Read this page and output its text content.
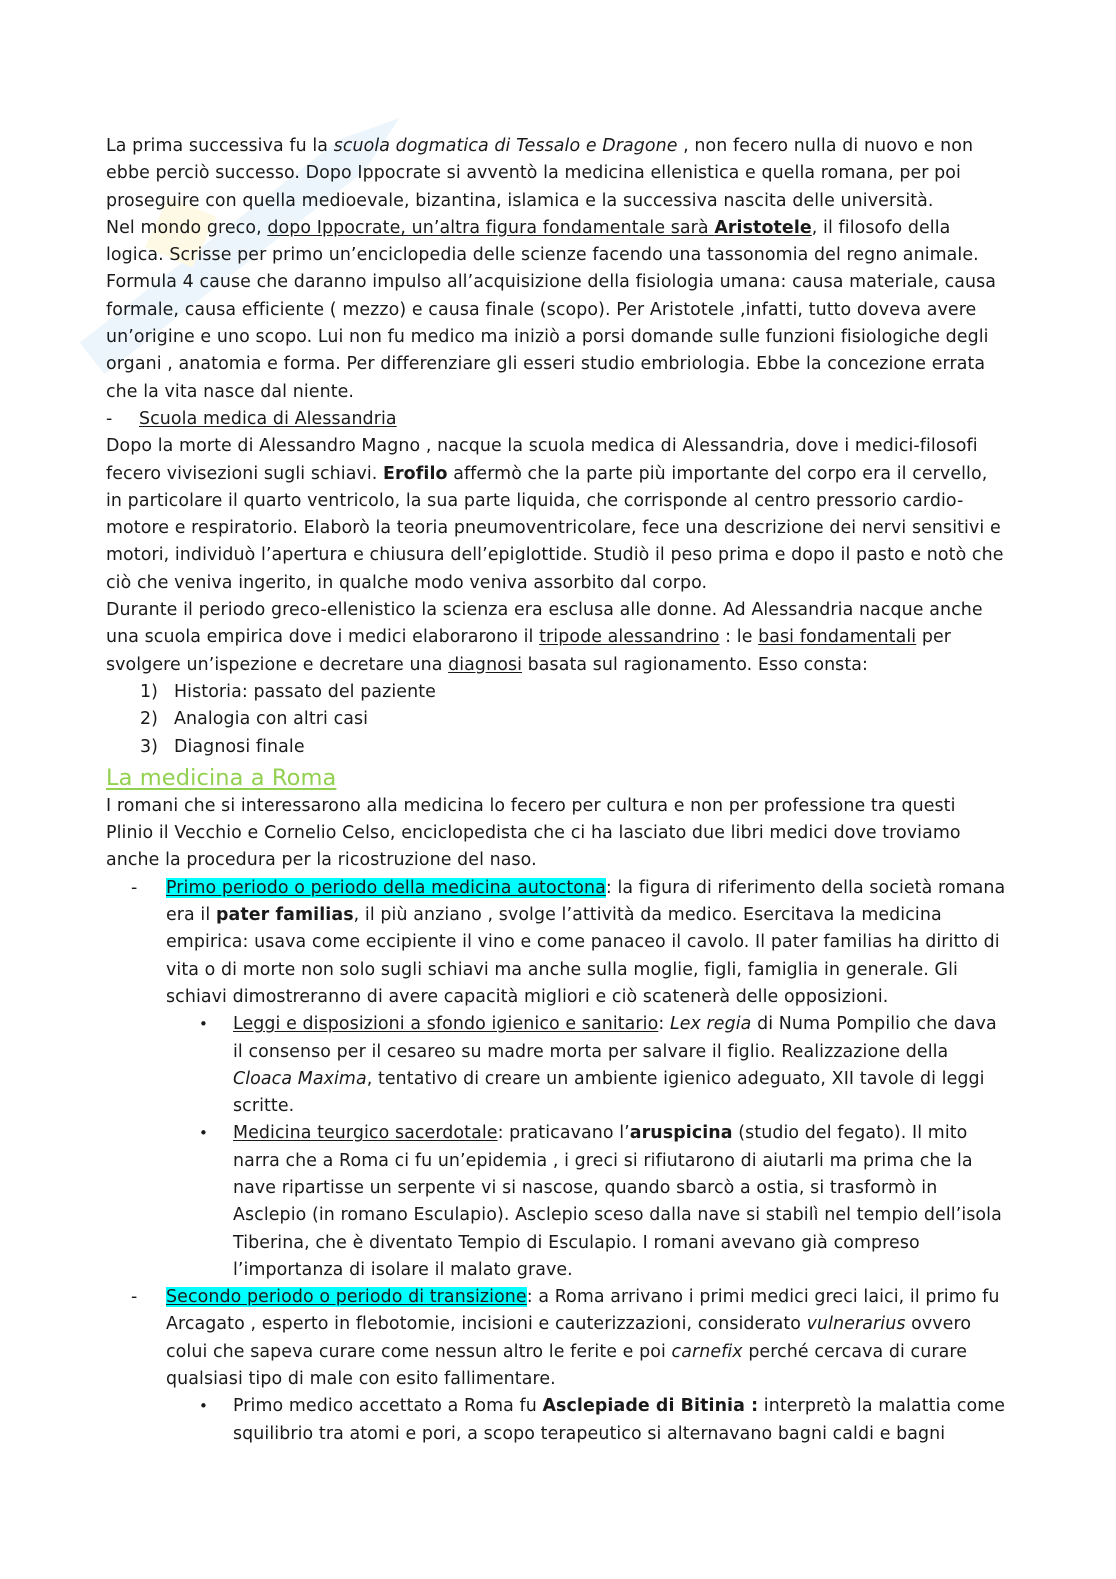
La prima successiva fu la scuola dogmatica di Tessalo e Dragone , non fecero nulla di nuovo e non ebbe perciò successo. Dopo Ippocrate si avventò la medicina ellenistica e quella romana, per poi proseguire con quella medioevale, bizantina, islamica e la successiva nascita delle università.

Nel mondo greco, dopo Ippocrate, un’altra figura fondamentale sarà Aristotele, il filosofo della logica. Scrisse per primo un’enciclopedia delle scienze facendo una tassonomia del regno animale. Formula 4 cause che daranno impulso all’acquisizione della fisiologia umana: causa materiale, causa formale, causa efficiente ( mezzo) e causa finale (scopo). Per Aristotele ,infatti, tutto doveva avere un’origine e uno scopo. Lui non fu medico ma iniziò a porsi domande sulle funzioni fisiologiche degli organi , anatomia e forma. Per differenziare gli esseri studio embriologia. Ebbe la concezione errata che la vita nasce dal niente.

- Scuola medica di Alessandria

Dopo la morte di Alessandro Magno , nacque la scuola medica di Alessandria, dove i medici-filosofi fecero vivisezioni sugli schiavi. Erofilo affermò che la parte più importante del corpo era il cervello, in particolare il quarto ventricolo, la sua parte liquida, che corrisponde al centro pressorio cardio-motore e respiratorio. Elaborò la teoria pneumoventricolare, fece una descrizione dei nervi sensitivi e motori, individuò l’apertura e chiusura dell’epiglottide. Studiò il peso prima e dopo il pasto e notò che ciò che veniva ingerito, in qualche modo veniva assorbito dal corpo.

Durante il periodo greco-ellenistico la scienza era esclusa alle donne. Ad Alessandria nacque anche una scuola empirica dove i medici elaborarono il tripode alessandrino : le basi fondamentali per svolgere un’ispezione e decretare una diagnosi basata sul ragionamento. Esso consta:

1) Historia: passato del paziente

2) Analogia con altri casi

3) Diagnosi finale

La medicina a Roma

I romani che si interessarono alla medicina lo fecero per cultura e non per professione tra questi Plinio il Vecchio e Cornelio Celso, enciclopedista che ci ha lasciato due libri medici dove troviamo anche la procedura per la ricostruzione del naso.

- Primo periodo o periodo della medicina autoctona: la figura di riferimento della società romana era il pater familias, il più anziano , svolge l’attività da medico. Esercitava la medicina empirica: usava come eccipiente il vino e come panaceo il cavolo. Il pater familias ha diritto di vita o di morte non solo sugli schiavi ma anche sulla moglie, figli, famiglia in generale. Gli schiavi dimostreranno di avere capacità migliori e ciò scatenerà delle opposizioni.

• Leggi e disposizioni a sfondo igienico e sanitario: Lex regia di Numa Pompilio che dava il consenso per il cesareo su madre morta per salvare il figlio. Realizzazione della Cloaca Maxima, tentativo di creare un ambiente igienico adeguato, XII tavole di leggi scritte.

• Medicina teurgico sacerdotale: praticavano l’aruspicina (studio del fegato). Il mito narra che a Roma ci fu un’epidemia , i greci si rifiutarono di aiutarli ma prima che la nave ripartisse un serpente vi si nascose, quando sbarcò a ostia, si trasformò in Asclepio (in romano Esculapio). Asclepio sceso dalla nave si stabilì nel tempio dell’isola Tiberina, che è diventato Tempio di Esculapio. I romani avevano già compreso l’importanza di isolare il malato grave.

- Secondo periodo o periodo di transizione: a Roma arrivano i primi medici greci laici, il primo fu Arcagato , esperto in flebotomie, incisioni e cauterizzazioni, considerato vulnerarius ovvero colui che sapeva curare come nessun altro le ferite e poi carnefix perché cercava di curare qualsiasi tipo di male con esito fallimentare.

• Primo medico accettato a Roma fu Asclepiade di Bitinia : interpretò la malattia come squilibrio tra atomi e pori, a scopo terapeutico si alternavano bagni caldi e bagni
